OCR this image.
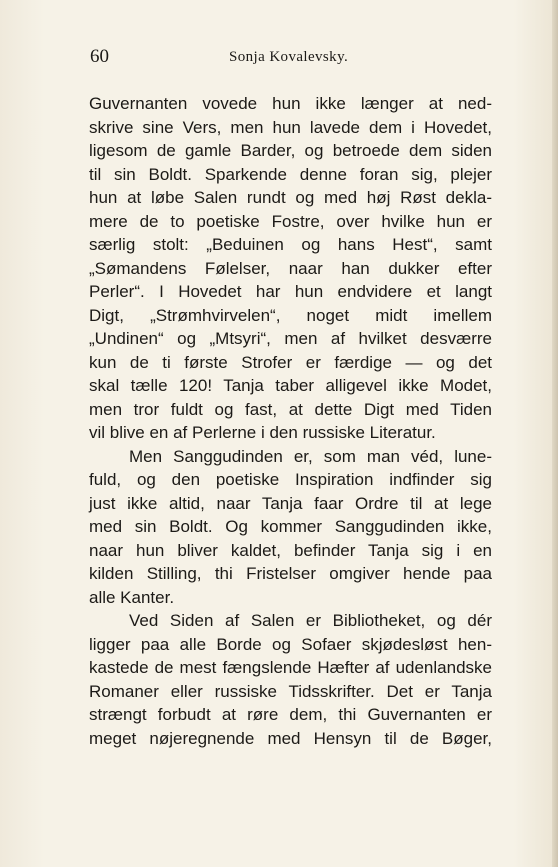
60	Sonja Kovalevsky.
Guvernanten vovede hun ikke længer at ned-
skrive sine Vers, men hun lavede dem i Hovedet,
ligesom de gamle Barder, og betroede dem siden
til sin Boldt. Sparkende denne foran sig, plejer
hun at løbe Salen rundt og med høj Røst dekla-
mere de to poetiske Fostre, over hvilke hun er
særlig stolt: „Beduinen og hans Hest“, samt
„Sømandens Følelser, naar han dukker efter
Perler“. I Hovedet har hun endvidere et langt
Digt, „Strømhvirvelen“, noget midt imellem
„Undinen“ og „Mtsyri“, men af hvilket desværre
kun de ti første Strofer er færdige — og det
skal tælle 120! Tanja taber alligevel ikke Modet,
men tror fuldt og fast, at dette Digt med Tiden
vil blive en af Perlerne i den russiske Literatur.
Men Sanggudinden er, som man véd, lune-
fuld, og den poetiske Inspiration indfinder sig
just ikke altid, naar Tanja faar Ordre til at lege
med sin Boldt. Og kommer Sanggudinden ikke,
naar hun bliver kaldet, befinder Tanja sig i en
kilden Stilling, thi Fristelser omgiver hende paa
alle Kanter.
Ved Siden af Salen er Bibliotheket, og dér
ligger paa alle Borde og Sofaer skjødesløst hen-
kastede de mest fængslende Hæfter af udenlandske
Romaner eller russiske Tidsskrifter. Det er Tanja
strængt forbudt at røre dem, thi Guvernanten er
meget nøjeregnende med Hensyn til de Bøger,
